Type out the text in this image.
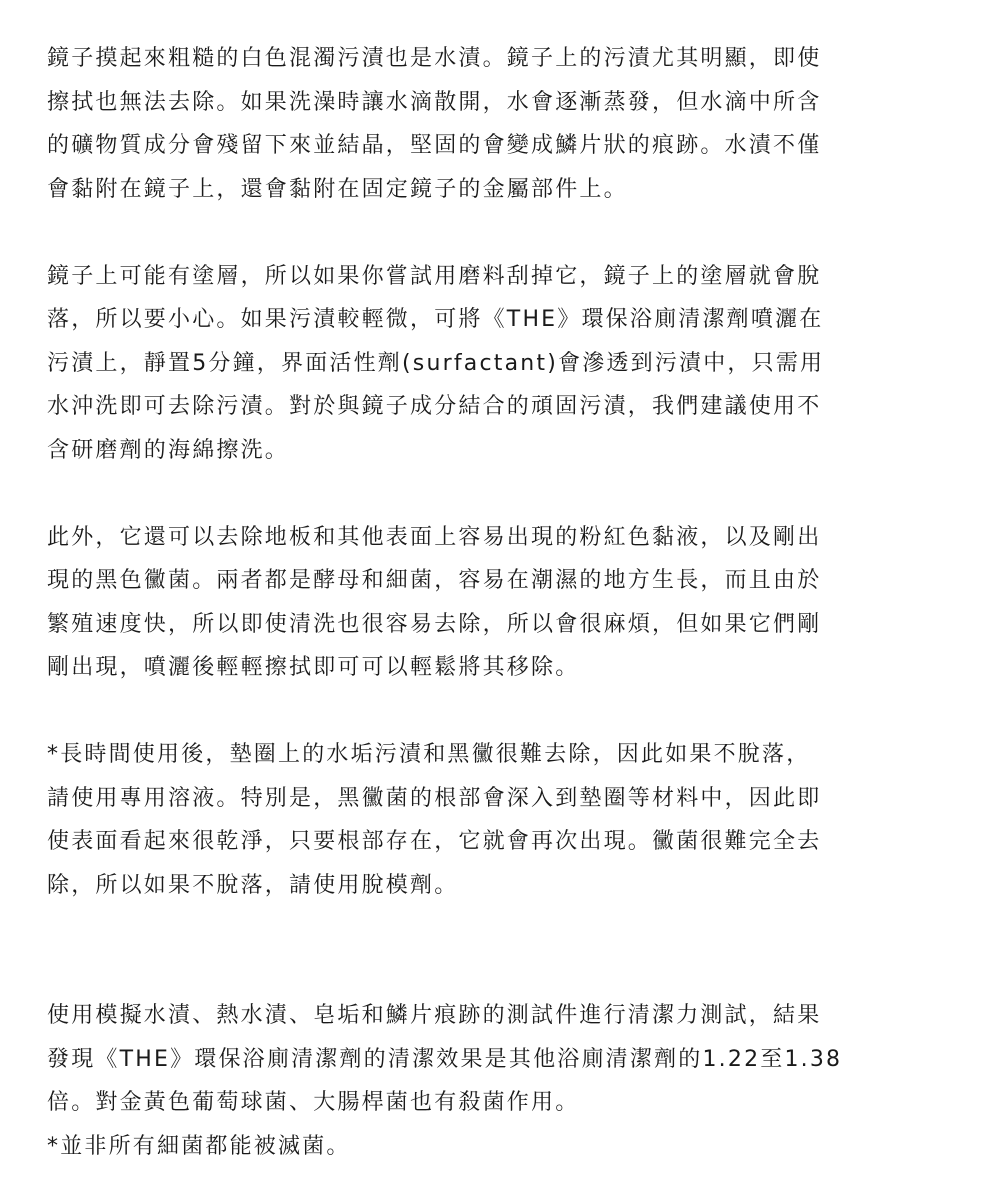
鏡子摸起來粗糙的白色混濁污漬也是水漬。鏡子上的污漬尤其明顯，即使
擦拭也無法去除。如果洗澡時讓水滴散開，水會逐漸蒸發，但水滴中所含
的礦物質成分會殘留下來並結晶，堅固的會變成鱗片狀的痕跡。水漬不僅
會黏附在鏡子上，還會黏附在固定鏡子的金屬部件上。

鏡子上可能有塗層，所以如果你嘗試用磨料刮掉它，鏡子上的塗層就會脫
落，所以要小心。如果污漬較輕微，可將《THE》環保浴廁清潔劑噴灑在
污漬上，靜置5分鐘，界面活性劑(surfactant)會滲透到污漬中，只需用
水沖洗即可去除污漬。對於與鏡子成分結合的頑固污漬，我們建議使用不
含研磨劑的海綿擦洗。

此外，它還可以去除地板和其他表面上容易出現的粉紅色黏液，以及剛出
現的黑色黴菌。兩者都是酵母和細菌，容易在潮濕的地方生長，而且由於
繁殖速度快，所以即使清洗也很容易去除，所以會很麻煩，但如果它們剛
剛出現，噴灑後輕輕擦拭即可可以輕鬆將其移除。

*長時間使用後，墊圈上的水垢污漬和黑黴很難去除，因此如果不脫落，
請使用專用溶液。特別是，黑黴菌的根部會深入到墊圈等材料中，因此即
使表面看起來很乾淨，只要根部存在，它就會再次出現。黴菌很難完全去
除，所以如果不脫落，請使用脫模劑。

使用模擬水漬、熱水漬、皂垢和鱗片痕跡的測試件進行清潔力測試，結果
發現《THE》環保浴廁清潔劑的清潔效果是其他浴廁清潔劑的1.22至1.38
倍。對金黃色葡萄球菌、大腸桿菌也有殺菌作用。
*並非所有細菌都能被滅菌。
